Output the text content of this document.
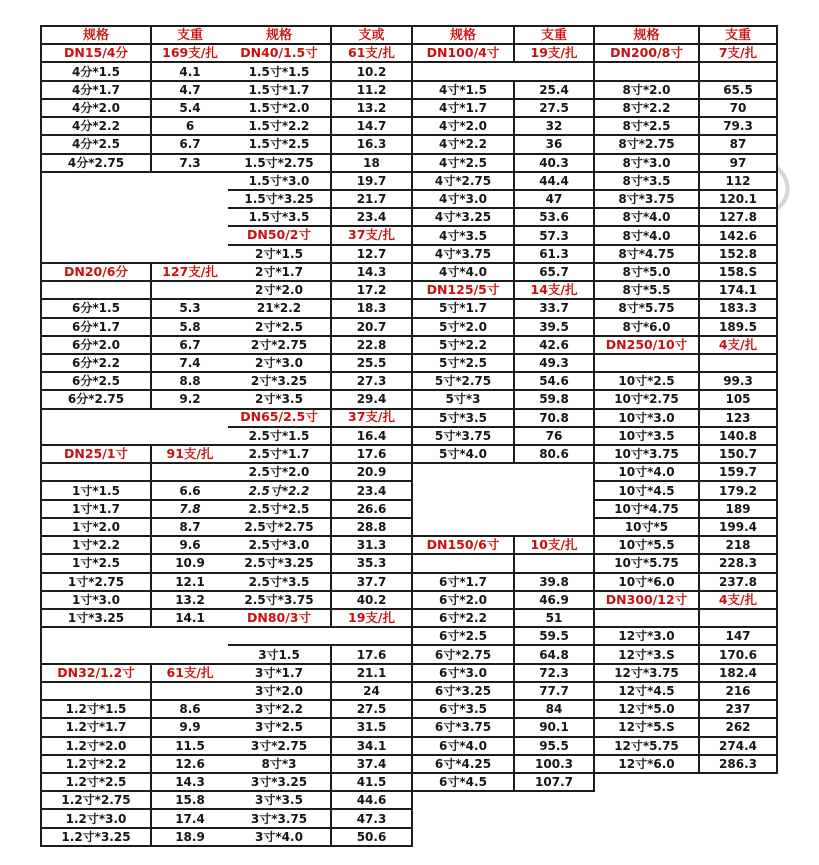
规格	支重
DN15/4分	169支/扎
4分*1.5	4.1
4分*1.7	4.7
4分*2.0	5.4
4分*2.2	6
4分*2.5	6.7
4分*2.75	7.3
DN20/6分	127支/扎
6分*1.5	5.3
6分*1.7	5.8
6分*2.0	6.7
6分*2.2	7.4
6分*2.5	8.8
6分*2.75	9.2
DN25/1寸	91支/扎
1寸*1.5	6.6
1寸*1.7	7.8
1寸*2.0	8.7
1寸*2.2	9.6
1寸*2.5	10.9
1寸*2.75	12.1
1寸*3.0	13.2
1寸*3.25	14.1
DN32/1.2寸	61支/扎
1.2寸*1.5	8.6
1.2寸*1.7	9.9
1.2寸*2.0	11.5
1.2寸*2.2	12.6
1.2寸*2.5	14.3
1.2寸*2.75	15.8
1.2寸*3.0	17.4
1.2寸*3.25	18.9
规格	支或
DN40/1.5寸	61支/扎
1.5寸*1.5	10.2
1.5寸*1.7	11.2
1.5寸*2.0	13.2
1.5寸*2.2	14.7
1.5寸*2.5	16.3
1.5寸*2.75	18
1.5寸*3.0	19.7
1.5寸*3.25	21.7
1.5寸*3.5	23.4
DN50/2寸	37支/扎
2寸*1.5	12.7
2寸*1.7	14.3
2寸*2.0	17.2
21*2.2	18.3
2寸*2.5	20.7
2寸*2.75	22.8
2寸*3.0	25.5
2寸*3.25	27.3
2寸*3.5	29.4
DN65/2.5寸	37支/扎
2.5寸*1.5	16.4
2.5寸*1.7	17.6
2.5寸*2.0	20.9
2.5寸*2.2	23.4
2.5寸*2.5	26.6
2.5寸*2.75	28.8
2.5寸*3.0	31.3
2.5寸*3.25	35.3
2.5寸*3.5	37.7
2.5寸*3.75	40.2
DN80/3寸	19支/扎
3寸1.5	17.6
3寸*1.7	21.1
3寸*2.0	24
3寸*2.2	27.5
3寸*2.5	31.5
3寸*2.75	34.1
8寸*3	37.4
3寸*3.25	41.5
3寸*3.5	44.6
3寸*3.75	47.3
3寸*4.0	50.6
规格	支重
DN100/4寸	19支/扎
4寸*1.5	25.4
4寸*1.7	27.5
4寸*2.0	32
4寸*2.2	36
4寸*2.5	40.3
4寸*2.75	44.4
4寸*3.0	47
4寸*3.25	53.6
4寸*3.5	57.3
4寸*3.75	61.3
4寸*4.0	65.7
DN125/5寸	14支/扎
5寸*1.7	33.7
5寸*2.0	39.5
5寸*2.2	42.6
5寸*2.5	49.3
5寸*2.75	54.6
5寸*3	59.8
5寸*3.5	70.8
5寸*3.75	76
5寸*4.0	80.6
DN150/6寸	10支/扎
6寸*1.7	39.8
6寸*2.0	46.9
6寸*2.2	51
6寸*2.5	59.5
6寸*2.75	64.8
6寸*3.0	72.3
6寸*3.25	77.7
6寸*3.5	84
6寸*3.75	90.1
6寸*4.0	95.5
6寸*4.25	100.3
6寸*4.5	107.7
规格	支重
DN200/8寸	7支/扎
8寸*2.0	65.5
8寸*2.2	70
8寸*2.5	79.3
8寸*2.75	87
8寸*3.0	97
8寸*3.5	112
8寸*3.75	120.1
8寸*4.0	127.8
8寸*4.0	142.6
8寸*4.75	152.8
8寸*5.0	158.S
8寸*5.5	174.1
8寸*5.75	183.3
8寸*6.0	189.5
DN250/10寸	4支/扎
10寸*2.5	99.3
10寸*2.75	105
10寸*3.0	123
10寸*3.5	140.8
10寸*3.75	150.7
10寸*4.0	159.7
10寸*4.5	179.2
10寸*4.75	189
10寸*5	199.4
10寸*5.5	218
10寸*5.75	228.3
10寸*6.0	237.8
DN300/12寸	4支/扎
12寸*3.0	147
12寸*3.S	170.6
12寸*3.75	182.4
12寸*4.5	216
12寸*5.0	237
12寸*5.S	262
12寸*5.75	274.4
12寸*6.0	286.3
